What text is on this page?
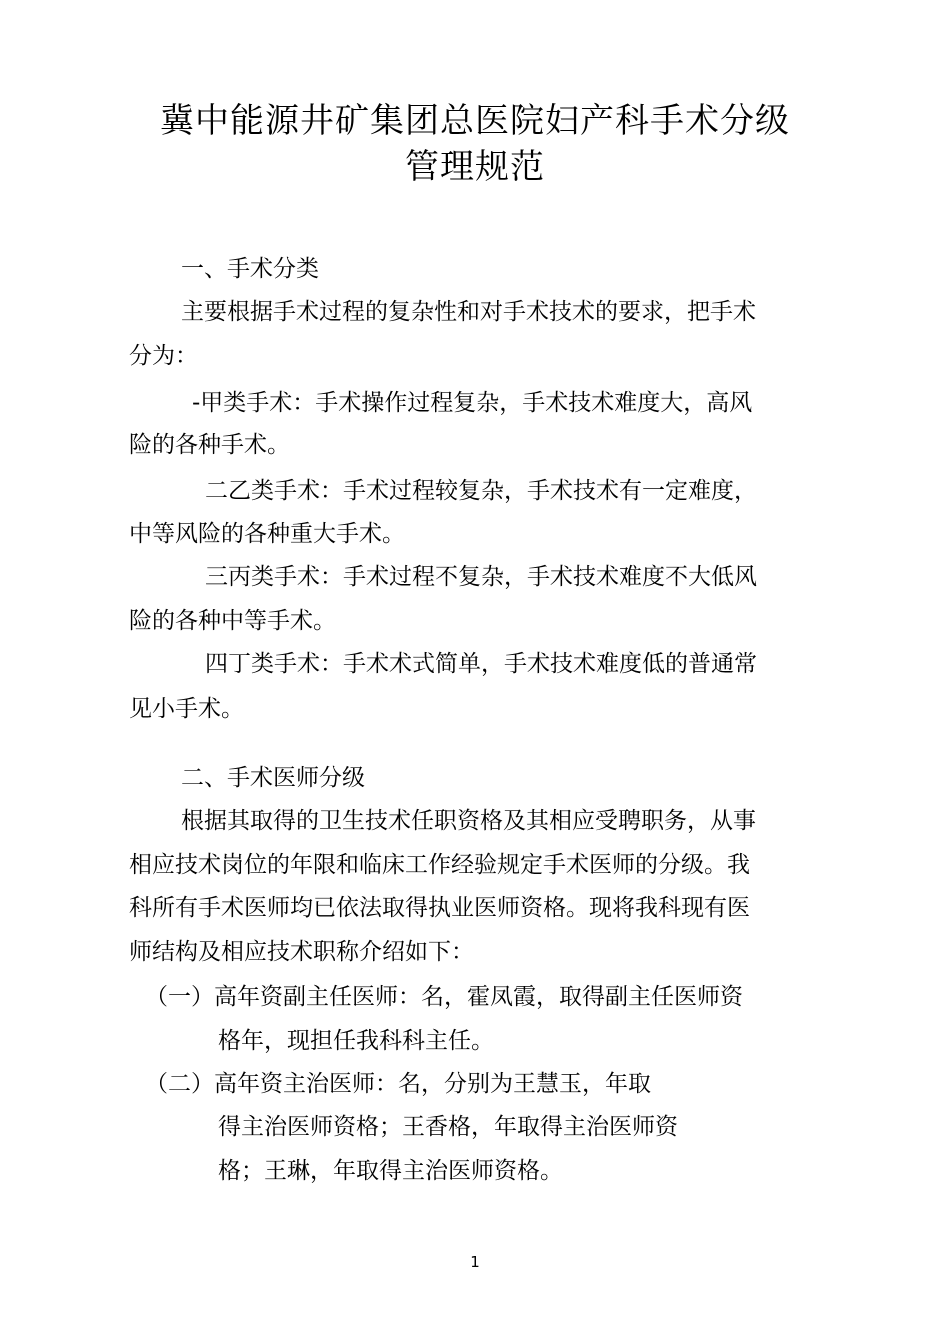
冀中能源井矿集团总医院妇产科手术分级
管理规范

一、手术分类

主要根据手术过程的复杂性和对手术技术的要求，把手术

分为：

-甲类手术：手术操作过程复杂，手术技术难度大，高风

险的各种手术。

二乙类手术：手术过程较复杂，手术技术有一定难度，

中等风险的各种重大手术。

三丙类手术：手术过程不复杂，手术技术难度不大低风

险的各种中等手术。

四丁类手术：手术术式简单，手术技术难度低的普通常

见小手术。

二、手术医师分级

根据其取得的卫生技术任职资格及其相应受聘职务，从事

相应技术岗位的年限和临床工作经验规定手术医师的分级。我

科所有手术医师均已依法取得执业医师资格。现将我科现有医

师结构及相应技术职称介绍如下：

（一）高年资副主任医师：名，霍凤霞，取得副主任医师资

格年，现担任我科科主任。

（二）高年资主治医师：名，分别为王慧玉，年取

得主治医师资格；王香格，年取得主治医师资

格；王琳，年取得主治医师资格。

1
